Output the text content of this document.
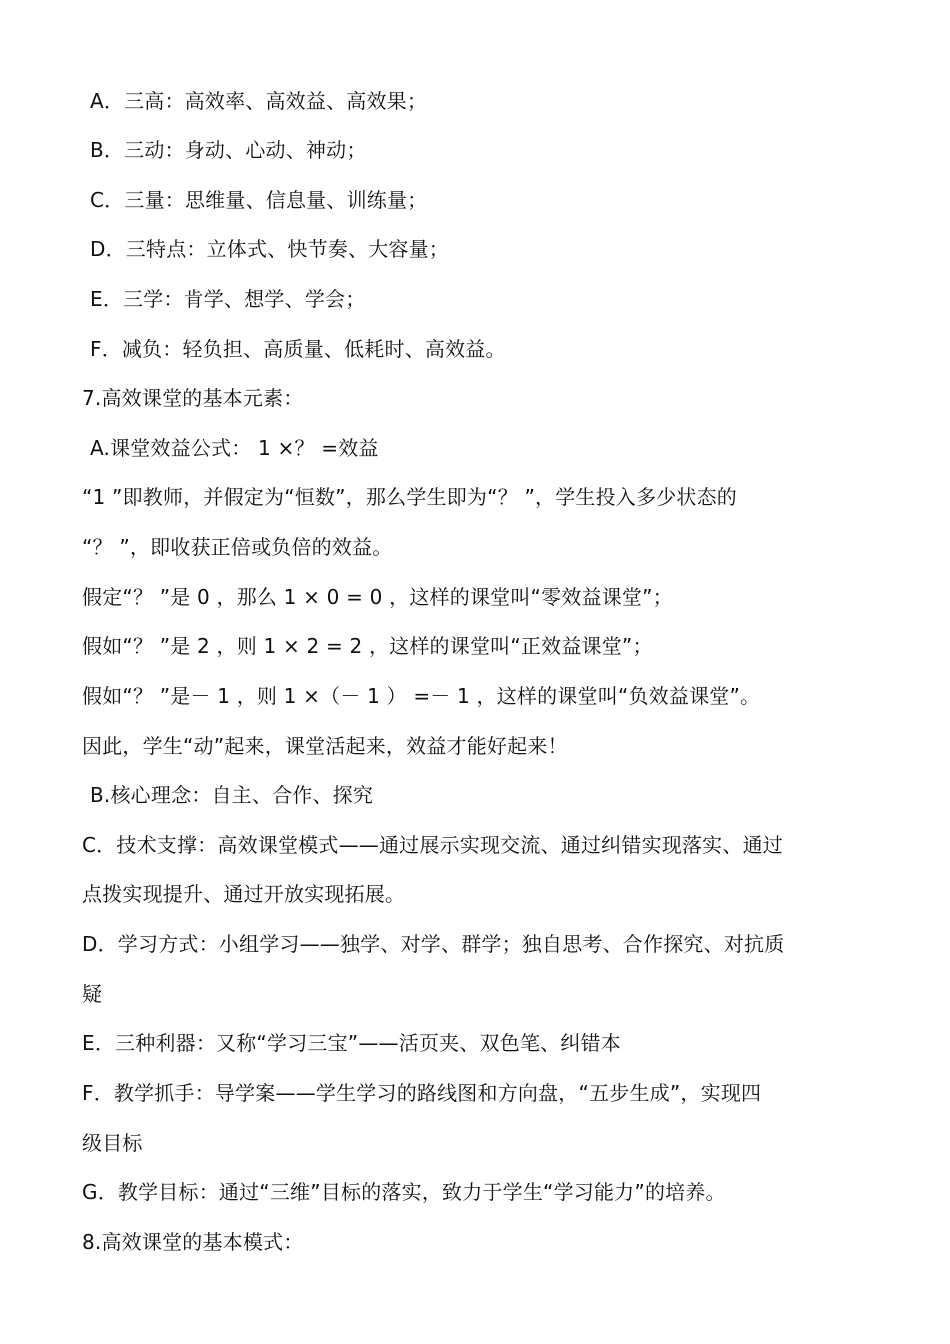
A．三高：高效率、高效益、高效果；
B．三动：身动、心动、神动；
C．三量：思维量、信息量、训练量；
D．三特点：立体式、快节奏、大容量；
E．三学：肯学、想学、学会；
F．减负：轻负担、高质量、低耗时、高效益。
7.高效课堂的基本元素：
A.课堂效益公式： 1 ×？ =效益
“1 ”即教师，并假定为“恒数”，那么学生即为“？ ”，学生投入多少状态的
“？ ”，即收获正倍或负倍的效益。
假定“？ ”是 0 ，那么 1 × 0 = 0 ，这样的课堂叫“零效益课堂”；
假如“？ ”是 2 ，则 1 × 2 = 2 ，这样的课堂叫“正效益课堂”；
假如“？ ”是－ 1 ，则 1 ×（－ 1 ） =－ 1 ，这样的课堂叫“负效益课堂”。
因此，学生“动”起来，课堂活起来，效益才能好起来！
B.核心理念：自主、合作、探究
C．技术支撑：高效课堂模式——通过展示实现交流、通过纠错实现落实、通过
点拨实现提升、通过开放实现拓展。
D．学习方式：小组学习——独学、对学、群学；独自思考、合作探究、对抗质
疑
E．三种利器：又称“学习三宝”——活页夹、双色笔、纠错本
F．教学抓手：导学案——学生学习的路线图和方向盘，“五步生成”，实现四
级目标
G．教学目标：通过“三维”目标的落实，致力于学生“学习能力”的培养。
8.高效课堂的基本模式：
